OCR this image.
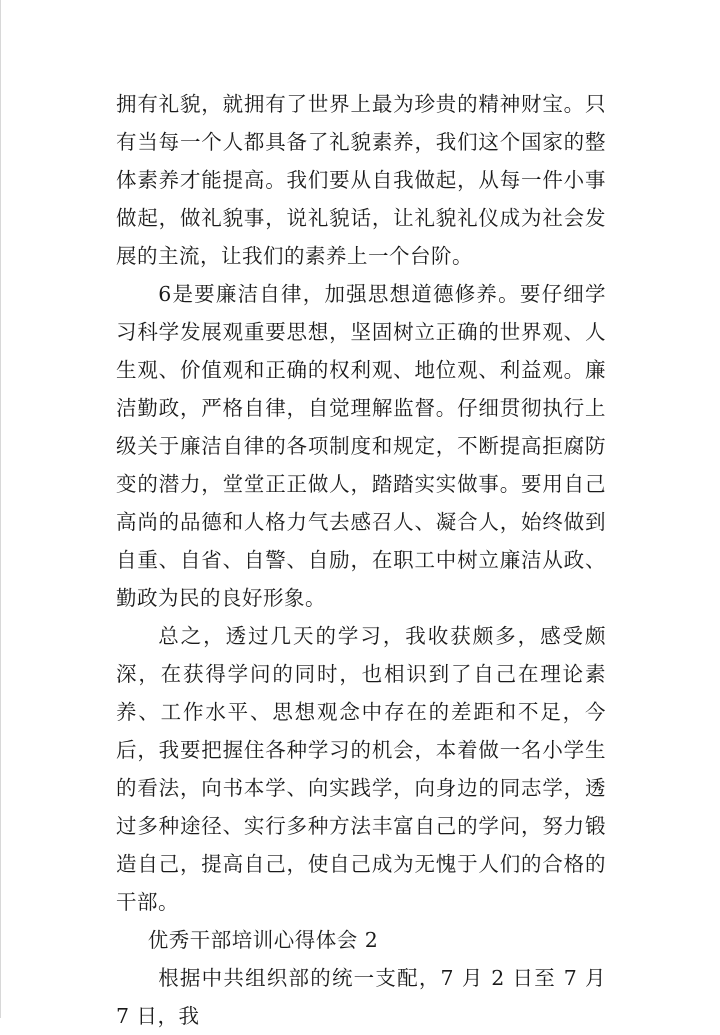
拥有礼貌，就拥有了世界上最为珍贵的精神财宝。只有当每一个人都具备了礼貌素养，我们这个国家的整体素养才能提高。我们要从自我做起，从每一件小事做起，做礼貌事，说礼貌话，让礼貌礼仪成为社会发展的主流，让我们的素养上一个台阶。

6是要廉洁自律，加强思想道德修养。要仔细学习科学发展观重要思想，坚固树立正确的世界观、人生观、价值观和正确的权利观、地位观、利益观。廉洁勤政，严格自律，自觉理解监督。仔细贯彻执行上级关于廉洁自律的各项制度和规定，不断提高拒腐防变的潜力，堂堂正正做人，踏踏实实做事。要用自己高尚的品德和人格力气去感召人、凝合人，始终做到自重、自省、自警、自励，在职工中树立廉洁从政、勤政为民的良好形象。

总之，透过几天的学习，我收获颇多，感受颇深，在获得学问的同时，也相识到了自己在理论素养、工作水平、思想观念中存在的差距和不足，今后，我要把握住各种学习的机会，本着做一名小学生的看法，向书本学、向实践学，向身边的同志学，透过多种途径、实行多种方法丰富自己的学问，努力锻造自己，提高自己，使自己成为无愧于人们的合格的干部。

优秀干部培训心得体会 2

根据中共组织部的统一支配，7 月 2 日至 7 月 7 日，我
